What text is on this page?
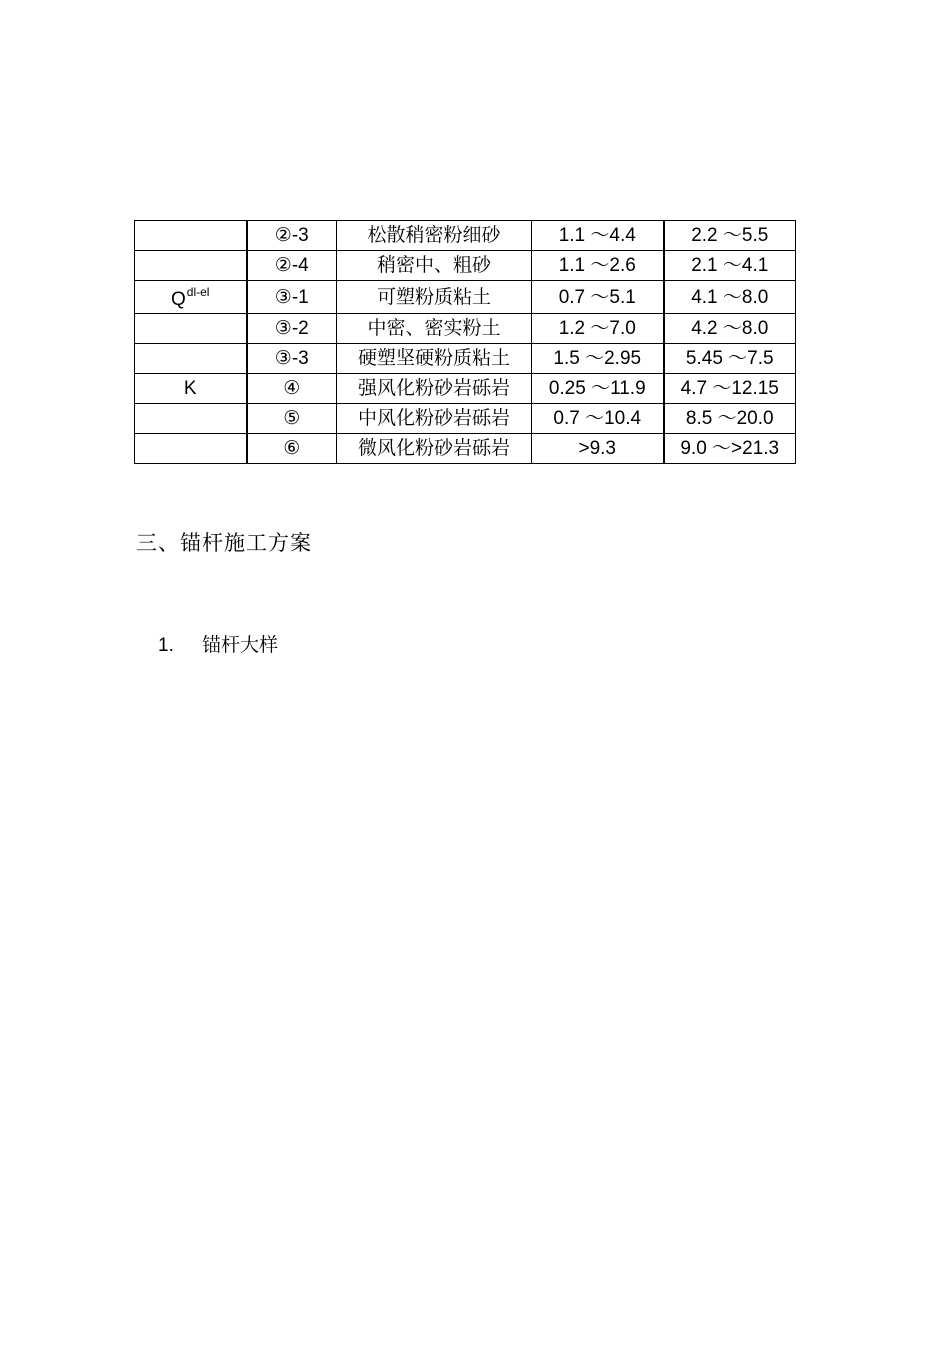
	②-3	松散稍密粉细砂	1.1 ～4.4	2.2 ～5.5
	②-4	稍密中、粗砂	1.1 ～2.6	2.1 ～4.1
$Q^{dl-el}$	③-1	可塑粉质粘土	0.7 ～5.1	4.1 ～8.0
	③-2	中密、密实粉土	1.2 ～7.0	4.2 ～8.0
	③-3	硬塑坚硬粉质粘土	1.5 ～2.95	5.45 ～7.5
K	④	强风化粉砂岩砾岩	0.25 ～11.9	4.7 ～12.15
	⑤	中风化粉砂岩砾岩	0.7 ～10.4	8.5 ～20.0
	⑥	微风化粉砂岩砾岩	>9.3	9.0 ～>21.3
三、锚杆施工方案
1. 锚杆大样
